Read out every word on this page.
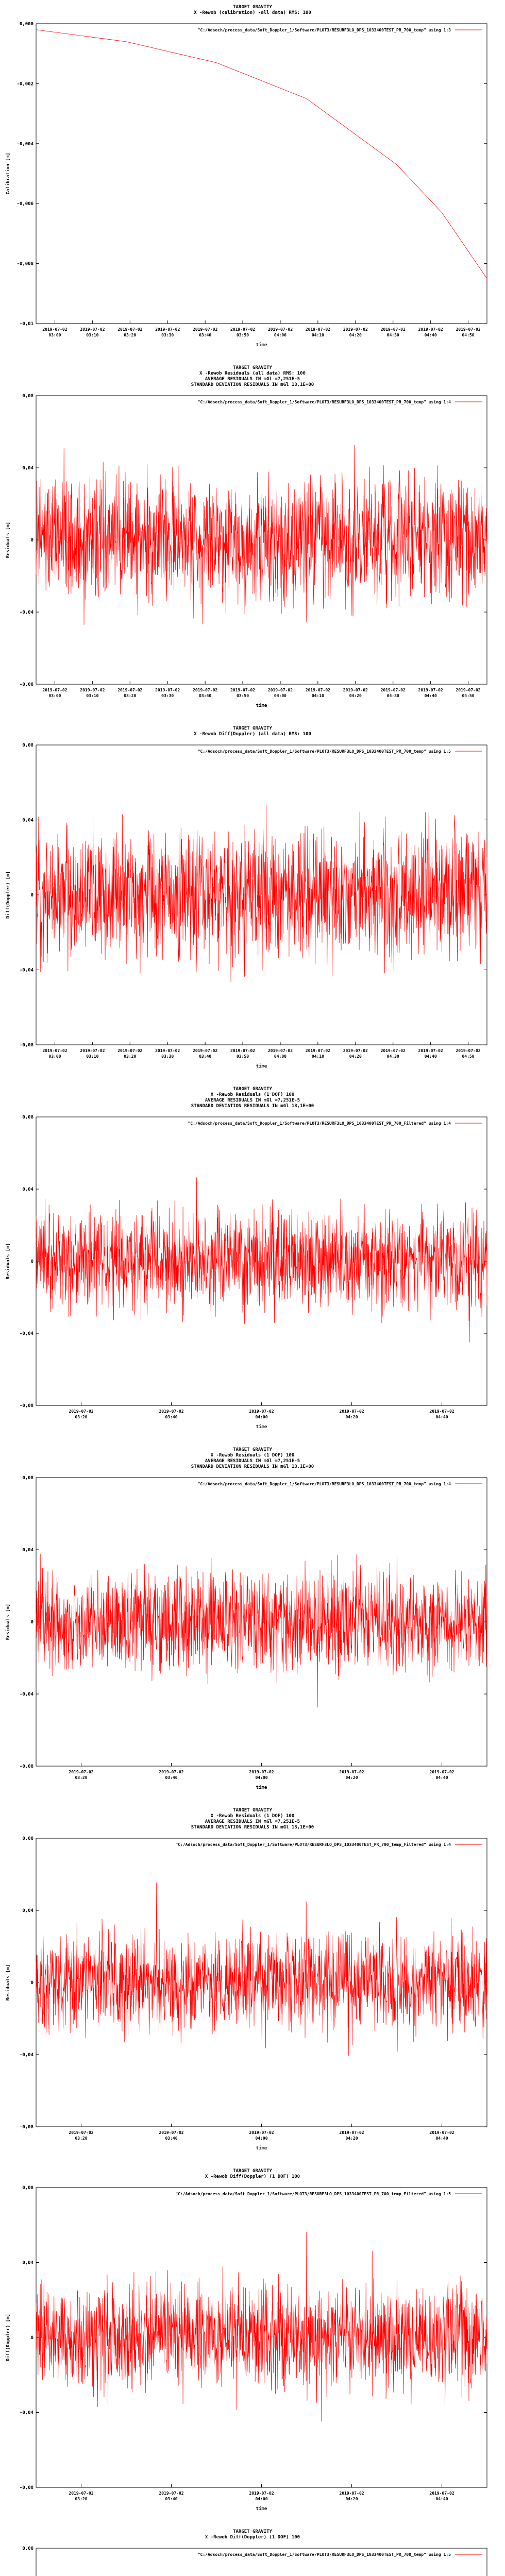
TARGET GRAVITY
X -Rewob (calibration) -all data) RMS: 100
0,000
-0,002
-0,004
-0,006
-0,008
-0,01
Calibration [m]
2019-07-02
03:00
2019-07-02
03:10
2019-07-02
03:20
2019-07-02
03:30
2019-07-02
03:40
2019-07-02
03:50
2019-07-02
04:00
2019-07-02
04:10
2019-07-02
04:20
2019-07-02
04:30
2019-07-02
04:40
2019-07-02
04:50
time
"C:/Adsoch/process_data/Soft_Doppler_1/Software/PLOT3/RESURF3LO_DPS_1033400TEST_PR_700_temp" using 1:3
TARGET GRAVITY
X -Rewob Residuals (all data) RMS: 100
AVERAGE RESIDUALS IN mGl =7,251E-5
STANDARD DEVIATION RESIDUALS IN mGl 13,1E+00
0,08
0,04
0
-0,04
-0,08
Residuals [m]
2019-07-02
03:00
2019-07-02
03:10
2019-07-02
03:20
2019-07-02
03:30
2019-07-02
03:40
2019-07-02
03:50
2019-07-02
04:00
2019-07-02
04:10
2019-07-02
04:20
2019-07-02
04:30
2019-07-02
04:40
2019-07-02
04:50
time
"C:/Adsoch/process_data/Soft_Doppler_1/Software/PLOT3/RESURF3LO_DPS_1033400TEST_PR_700_temp" using 1:4
TARGET GRAVITY
X -Rewob Diff(Doppler) (all data) RMS: 100
0,08
0,04
0
-0,04
-0,08
Diff(Doppler) [m]
2019-07-02
03:00
2019-07-02
03:10
2019-07-02
03:20
2019-07-02
03:30
2019-07-02
03:40
2019-07-02
03:50
2019-07-02
04:00
2019-07-02
04:10
2019-07-02
04:20
2019-07-02
04:30
2019-07-02
04:40
2019-07-02
04:50
time
"C:/Adsoch/process_data/Soft_Doppler_1/Software/PLOT3/RESURF3LO_DPS_1033400TEST_PR_700_temp" using 1:5
TARGET GRAVITY
X -Rewob Residuals (1 DOF) 100
AVERAGE RESIDUALS IN mGl =7,251E-5
STANDARD DEVIATION RESIDUALS IN mGl 13,1E+00
0,08
0,04
0
-0,04
-0,08
Residuals [m]
2019-07-02
03:20
2019-07-02
03:40
2019-07-02
04:00
2019-07-02
04:20
2019-07-02
04:40
time
"C:/Adsoch/process_data/Soft_Doppler_1/Software/PLOT3/RESURF3LO_DPS_1033400TEST_PR_700_Filtered" using 1:4
TARGET GRAVITY
X -Rewob Residuals (1 DOF) 100
AVERAGE RESIDUALS IN mGl =7,251E-5
STANDARD DEVIATION RESIDUALS IN mGl 13,1E+00
0,08
0,04
0
-0,04
-0,08
Residuals [m]
2019-07-02
03:20
2019-07-02
03:40
2019-07-02
04:00
2019-07-02
04:20
2019-07-02
04:40
time
"C:/Adsoch/process_data/Soft_Doppler_1/Software/PLOT3/RESURF3LO_DPS_1033400TEST_PR_700_temp" using 1:4
TARGET GRAVITY
X -Rewob Residuals (1 DOF) 100
AVERAGE RESIDUALS IN mGl =7,251E-5
STANDARD DEVIATION RESIDUALS IN mGl 13,1E+00
0,08
0,04
0
-0,04
-0,08
Residuals [m]
2019-07-02
03:20
2019-07-02
03:40
2019-07-02
04:00
2019-07-02
04:20
2019-07-02
04:40
time
"C:/Adsoch/process_data/Soft_Doppler_1/Software/PLOT3/RESURF3LO_DPS_1033400TEST_PR_700_temp_Filtered" using 1:4
TARGET GRAVITY
X -Rewob Diff(Doppler) (1 DOF) 100
0,08
0,04
0
-0,04
-0,08
Diff(Doppler) [m]
2019-07-02
03:20
2019-07-02
03:40
2019-07-02
04:00
2019-07-02
04:20
2019-07-02
04:40
time
"C:/Adsoch/process_data/Soft_Doppler_1/Software/PLOT3/RESURF3LO_DPS_1033400TEST_PR_700_temp_Filtered" using 1:5
TARGET GRAVITY
X -Rewob Diff(Doppler) (1 DOF) 100
0,08
"C:/Adsoch/process_data/Soft_Doppler_1/Software/PLOT3/RESURF3LO_DPS_1033400TEST_PR_700_temp" using 1:5
